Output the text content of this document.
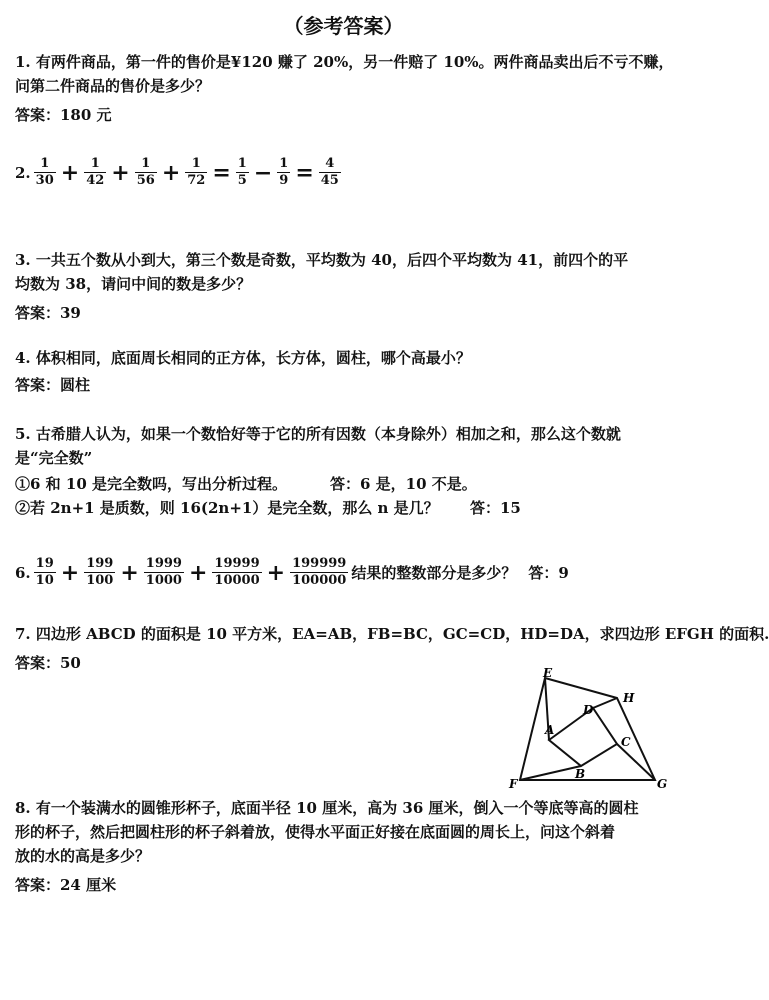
（参考答案）
1. 有两件商品，第一件的售价是¥120 赚了 20%，另一件赔了 10%。两件商品卖出后不亏不赚，
问第二件商品的售价是多少？
答案：180 元
2. $\frac{1}{30} + \frac{1}{42} + \frac{1}{56} + \frac{1}{72} = \frac{1}{5} - \frac{1}{9} = \frac{4}{45}$
3. 一共五个数从小到大，第三个数是奇数，平均数为 40，后四个平均数为 41，前四个的平
均数为 38，请问中间的数是多少？
答案：39
4. 体积相同，底面周长相同的正方体，长方体，圆柱，哪个高最小？
答案：圆柱
5. 古希腊人认为，如果一个数恰好等于它的所有因数（本身除外）相加之和，那么这个数就
是“完全数”
①6 和 10 是完全数吗，写出分析过程。	答：6 是，10 不是。
②若 2n+1 是质数，则 16(2n+1）是完全数，那么 n 是几？ 答：15
6. $\frac{19}{10} + \frac{199}{100} + \frac{1999}{1000} + \frac{19999}{10000} + \frac{199999}{100000}$ 结果的整数部分是多少？ 答：9
7. 四边形 ABCD 的面积是 10 平方米，EA=AB，FB=BC，GC=CD，HD=DA，求四边形 EFGH 的面积.
答案：50
E
H
D
A
C
B
F	G
8. 有一个装满水的圆锥形杯子，底面半径 10 厘米，高为 36 厘米，倒入一个等底等高的圆柱
形的杯子，然后把圆柱形的杯子斜着放，使得水平面正好接在底面圆的周长上，问这个斜着
放的水的高是多少？
答案：24 厘米
